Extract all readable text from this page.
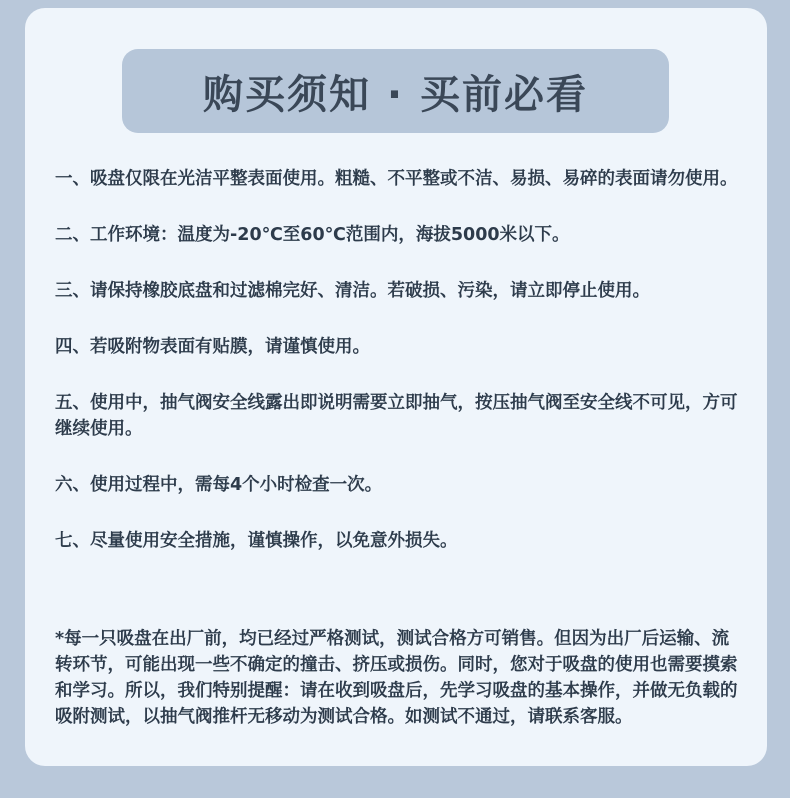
购买须知 · 买前必看
一、吸盘仅限在光洁平整表面使用。粗糙、不平整或不洁、易损、易碎的表面请勿使用。
二、工作环境：温度为-20℃至60℃范围内，海拔5000米以下。
三、请保持橡胶底盘和过滤棉完好、清洁。若破损、污染，请立即停止使用。
四、若吸附物表面有贴膜，请谨慎使用。
五、使用中，抽气阀安全线露出即说明需要立即抽气，按压抽气阀至安全线不可见，方可继续使用。
六、使用过程中，需每4个小时检查一次。
七、尽量使用安全措施，谨慎操作，以免意外损失。

*每一只吸盘在出厂前，均已经过严格测试，测试合格方可销售。但因为出厂后运输、流转环节，可能出现一些不确定的撞击、挤压或损伤。同时，您对于吸盘的使用也需要摸索和学习。所以，我们特别提醒：请在收到吸盘后，先学习吸盘的基本操作，并做无负载的吸附测试，以抽气阀推杆无移动为测试合格。如测试不通过，请联系客服。
